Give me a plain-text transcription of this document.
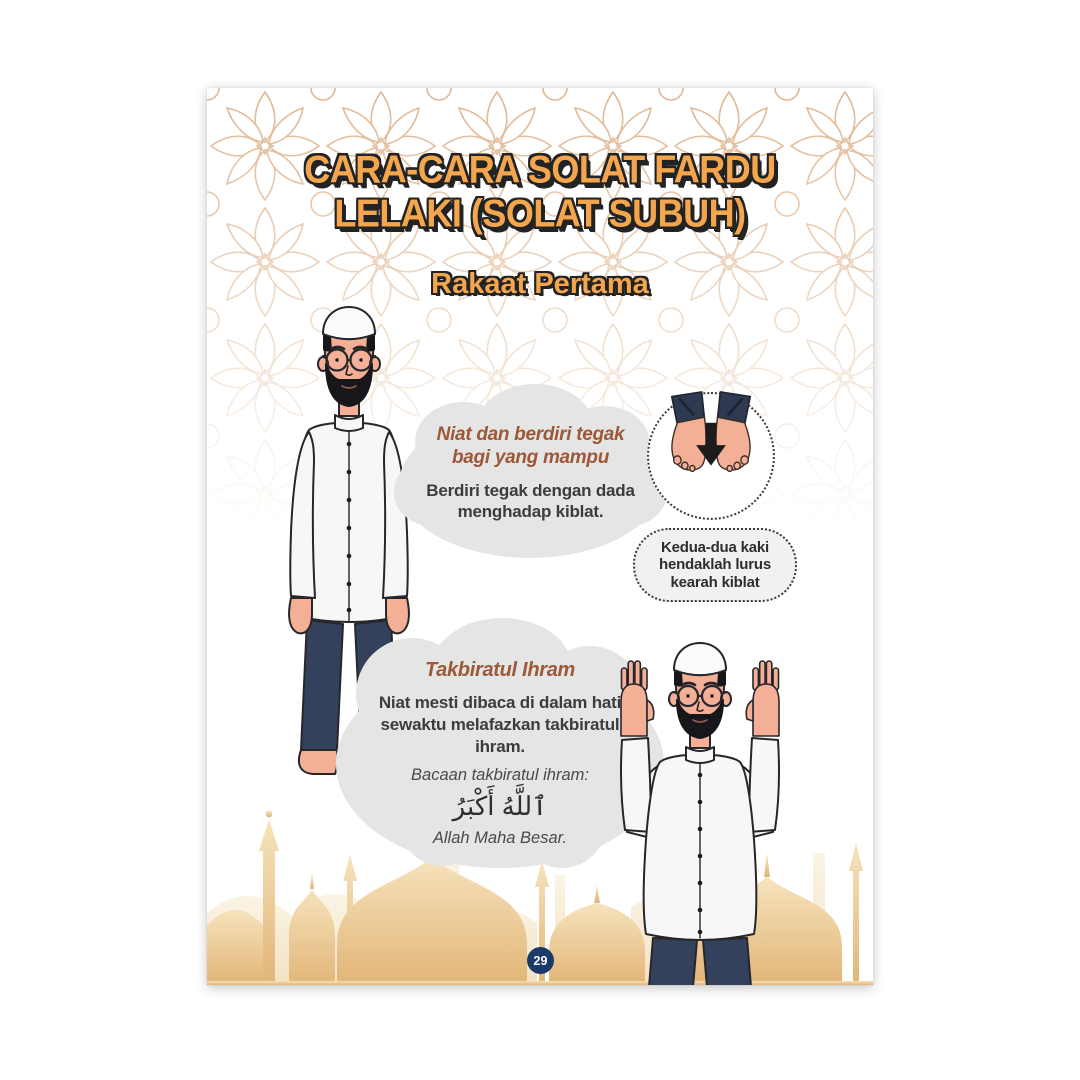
CARA-CARA SOLAT FARDU
LELAKI (SOLAT SUBUH)

Rakaat Pertama
Niat dan berdiri tegak bagi yang mampu
Berdiri tegak dengan dada menghadap kiblat.
Kedua-dua kaki hendaklah lurus kearah kiblat
Takbiratul Ihram
Niat mesti dibaca di dalam hati sewaktu melafazkan takbiratul ihram.
Bacaan takbiratul ihram:
ٱللَّهُ أَكْبَرُ
Allah Maha Besar.
29
